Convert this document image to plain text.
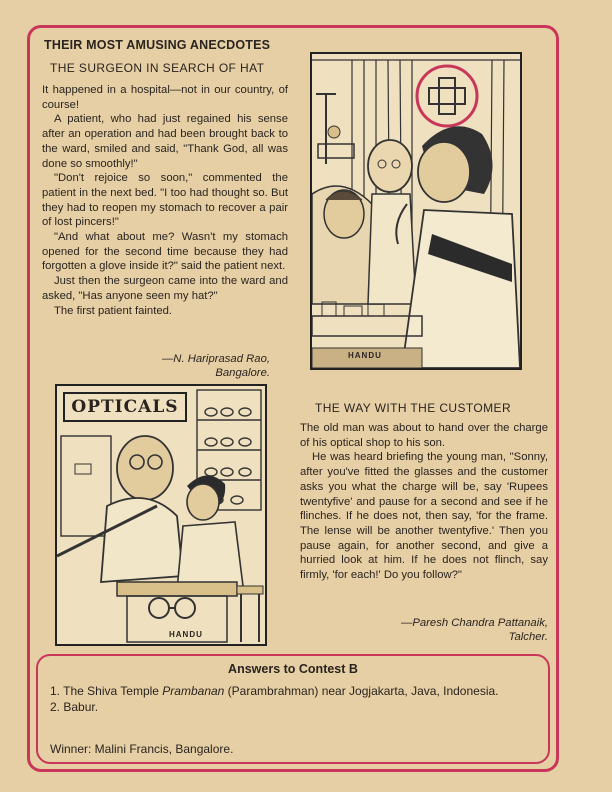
THEIR MOST AMUSING ANECDOTES
THE SURGEON IN SEARCH OF HAT

It happened in a hospital—not in our country, of course!

A patient, who had just regained his sense after an operation and had been brought back to the ward, smiled and said, "Thank God, all was done so smoothly!"

"Don't rejoice so soon," commented the patient in the next bed. "I too had thought so. But they had to reopen my stomach to recover a pair of lost pincers!"

"And what about me? Wasn't my stomach opened for the second time because they had forgotten a glove inside it?" said the patient next.

Just then the surgeon came into the ward and asked, "Has anyone seen my hat?"

The first patient fainted.

—N. Hariprasad Rao,
Bangalore.
HANDU
OPTICALS
HANDU
THE WAY WITH THE CUSTOMER

The old man was about to hand over the charge of his optical shop to his son.

He was heard briefing the young man, "Sonny, after you've fitted the glasses and the customer asks you what the charge will be, say 'Rupees twentyfive' and pause for a second and see if he flinches. If he does not, then say, 'for the frame. The lense will be another twentyfive.' Then you pause again, for another second, and give a hurried look at him. If he does not flinch, say firmly, 'for each!' Do you follow?"

—Paresh Chandra Pattanaik,
Talcher.
Answers to Contest B
1. The Shiva Temple Prambanan (Parambrahman) near Jogjakarta, Java, Indonesia.
2. Babur.
Winner: Malini Francis, Bangalore.
